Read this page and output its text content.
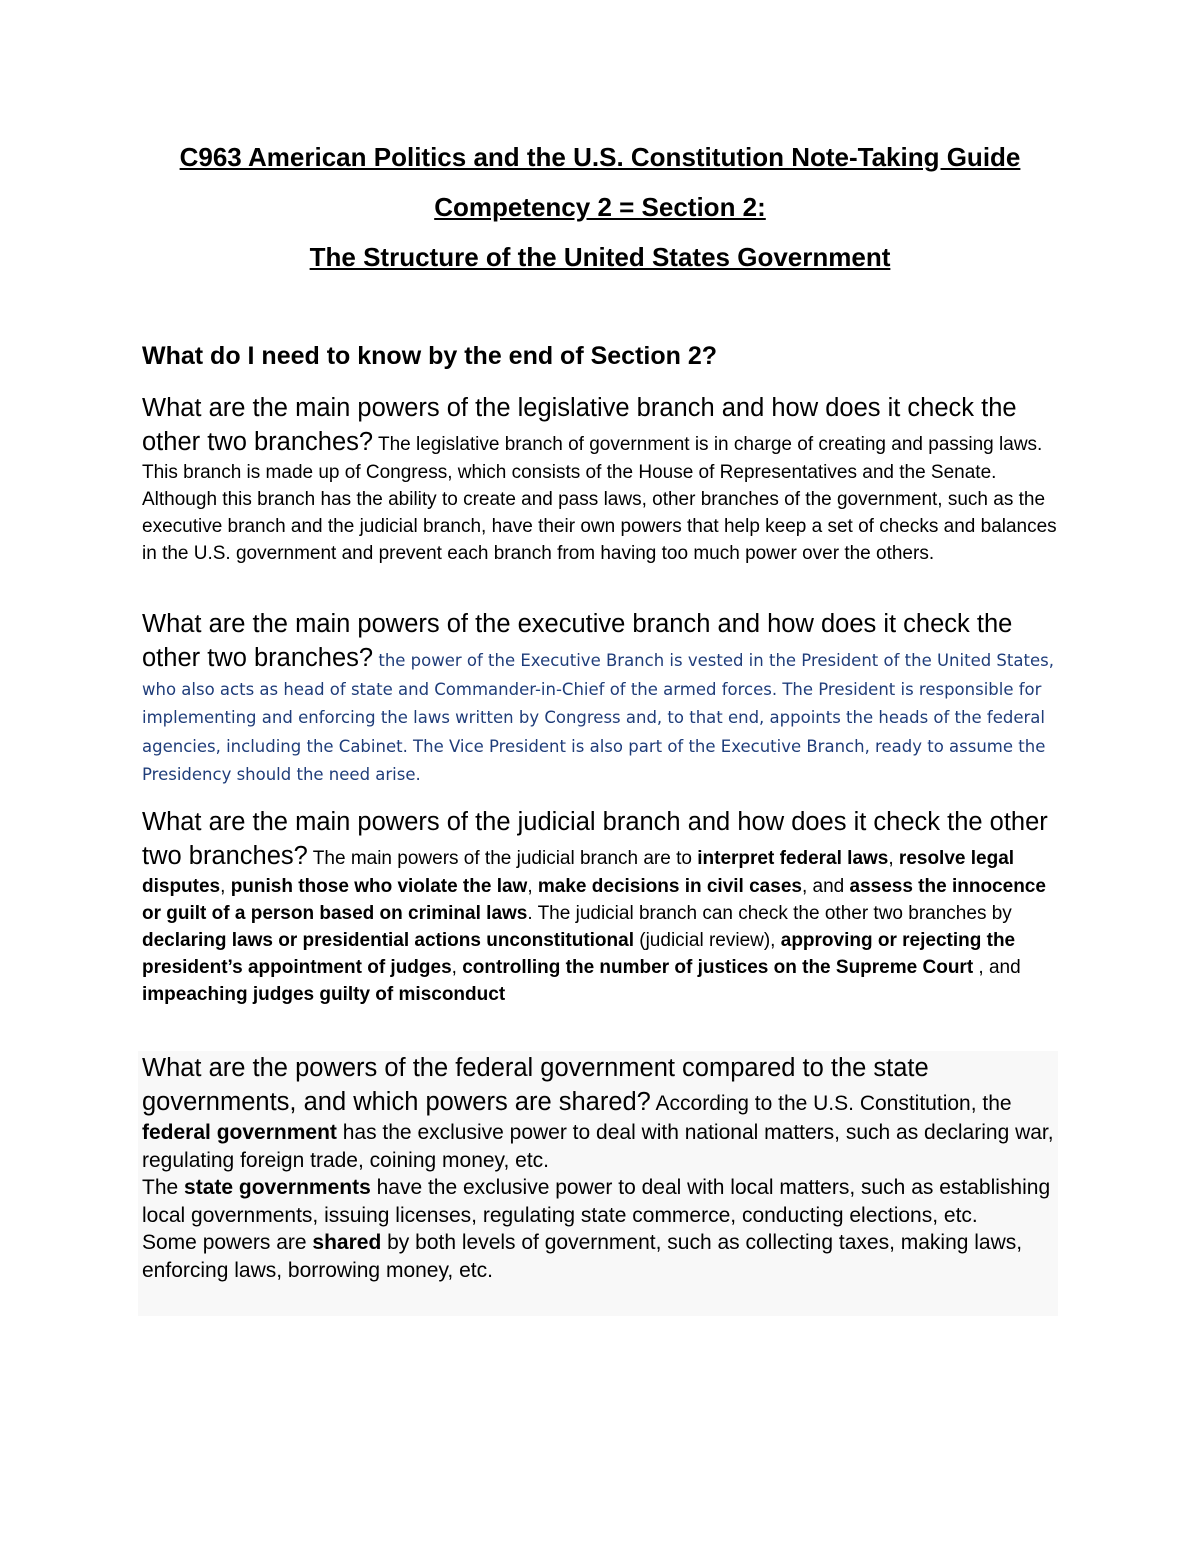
C963 American Politics and the U.S. Constitution Note-Taking Guide

Competency 2 = Section 2:

The Structure of the United States Government

What do I need to know by the end of Section 2?

What are the main powers of the legislative branch and how does it check the other two branches? The legislative branch of government is in charge of creating and passing laws. This branch is made up of Congress, which consists of the House of Representatives and the Senate. Although this branch has the ability to create and pass laws, other branches of the government, such as the executive branch and the judicial branch, have their own powers that help keep a set of checks and balances in the U.S. government and prevent each branch from having too much power over the others.

What are the main powers of the executive branch and how does it check the other two branches? the power of the Executive Branch is vested in the President of the United States, who also acts as head of state and Commander-in-Chief of the armed forces. The President is responsible for implementing and enforcing the laws written by Congress and, to that end, appoints the heads of the federal agencies, including the Cabinet. The Vice President is also part of the Executive Branch, ready to assume the Presidency should the need arise.

What are the main powers of the judicial branch and how does it check the other two branches? The main powers of the judicial branch are to interpret federal laws, resolve legal disputes, punish those who violate the law, make decisions in civil cases, and assess the innocence or guilt of a person based on criminal laws. The judicial branch can check the other two branches by declaring laws or presidential actions unconstitutional (judicial review), approving or rejecting the president’s appointment of judges, controlling the number of justices on the Supreme Court , and impeaching judges guilty of misconduct

What are the powers of the federal government compared to the state governments, and which powers are shared? According to the U.S. Constitution, the federal government has the exclusive power to deal with national matters, such as declaring war, regulating foreign trade, coining money, etc.
The state governments have the exclusive power to deal with local matters, such as establishing local governments, issuing licenses, regulating state commerce, conducting elections, etc.
Some powers are shared by both levels of government, such as collecting taxes, making laws, enforcing laws, borrowing money, etc.
